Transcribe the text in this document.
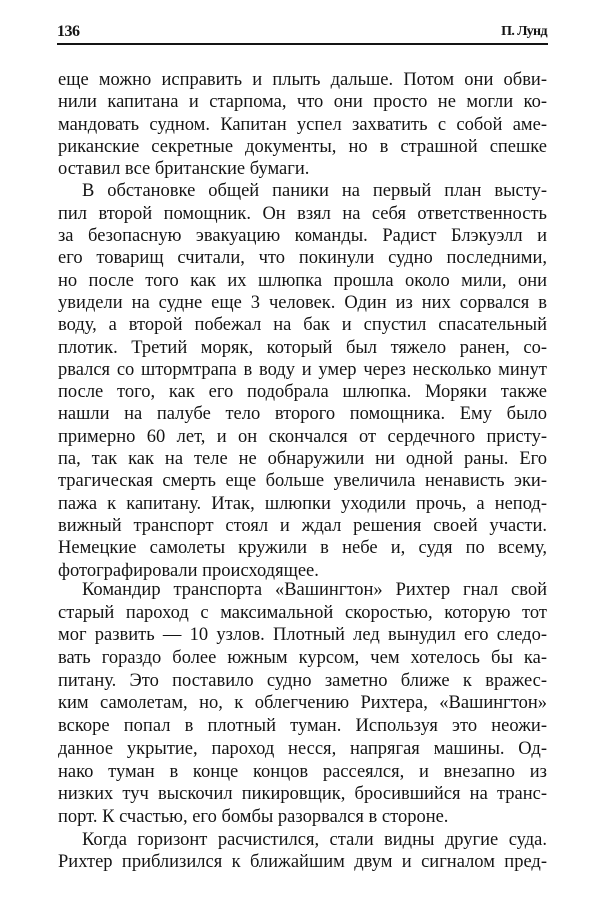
136	П. Лунд
еще можно исправить и плыть дальше. Потом они обви-
нили капитана и старпома, что они просто не могли ко-
мандовать судном. Капитан успел захватить с собой аме-
риканские секретные документы, но в страшной спешке
оставил все британские бумаги.
В обстановке общей паники на первый план высту-
пил второй помощник. Он взял на себя ответственность
за безопасную эвакуацию команды. Радист Блэкуэлл и
его товарищ считали, что покинули судно последними,
но после того как их шлюпка прошла около мили, они
увидели на судне еще 3 человек. Один из них сорвался в
воду, а второй побежал на бак и спустил спасательный
плотик. Третий моряк, который был тяжело ранен, со-
рвался со штормтрапа в воду и умер через несколько минут
после того, как его подобрала шлюпка. Моряки также
нашли на палубе тело второго помощника. Ему было
примерно 60 лет, и он скончался от сердечного присту-
па, так как на теле не обнаружили ни одной раны. Его
трагическая смерть еще больше увеличила ненависть эки-
пажа к капитану. Итак, шлюпки уходили прочь, а непод-
вижный транспорт стоял и ждал решения своей участи.
Немецкие самолеты кружили в небе и, судя по всему,
фотографировали происходящее.
Командир транспорта «Вашингтон» Рихтер гнал свой
старый пароход с максимальной скоростью, которую тот
мог развить — 10 узлов. Плотный лед вынудил его следо-
вать гораздо более южным курсом, чем хотелось бы ка-
питану. Это поставило судно заметно ближе к вражес-
ким самолетам, но, к облегчению Рихтера, «Вашингтон»
вскоре попал в плотный туман. Используя это неожи-
данное укрытие, пароход несся, напрягая машины. Од-
нако туман в конце концов рассеялся, и внезапно из
низких туч выскочил пикировщик, бросившийся на транс-
порт. К счастью, его бомбы разорвался в стороне.
Когда горизонт расчистился, стали видны другие суда.
Рихтер приблизился к ближайшим двум и сигналом пред-
